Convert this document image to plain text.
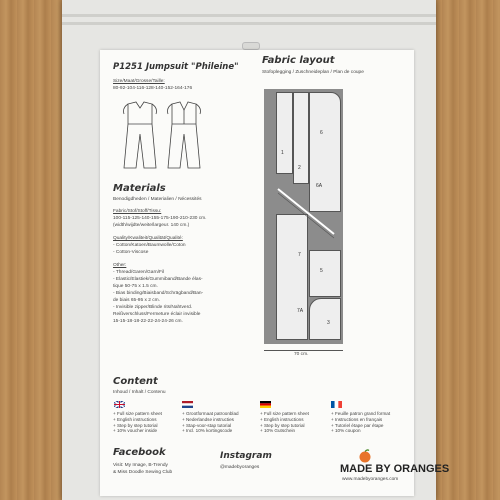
P1251 Jumpsuit "Phileine"
Size/Maat/Grosse/Taille:
80-92-104-116-128-140-152-164-176
Materials
Benodigdheden / Materialien / Nécessités
Fabric/Stof/Stoff/Tissu:
100-115-125-140-155-175-190-210-230 cm.
(width/wijdte/weite/largeur. 140 cm.)
Quality/Kwaliteit/Qualität/Qualité:
- Cotton/Katoen/Baumwolle/Coton
- Cotton-Viscose
Other:
- Thread/Garen/Garn/Fil
- Elastic/Elastiek/Gummiband/Bande élas-
tique 50-75 x 1.5 cm.
- Bias binding/Biaisband/Schrägband/Ban-
de biais 65-95 x 2 cm.
- Invisible zipper/Blinde rits/Nahtverd.
Reißverschluss/Fermeture éclair invisible
15-15-18-18-22-22-24-24-26 cm.
Fabric layout
Stofoplegging / Zuschneideplan / Plan de coupe
1
2
6
6A
7
7A
5
3
70 cm.
Content
Inhoud / Inhalt / Contenu
+ Full size pattern sheet
+ English instructions
+ Step by step tutorial
+ 10% voucher inside
+ Grootformaat patroonblad
+ Nederlandse instructies
+ Stap-voor-stap tutorial
+ Incl. 10% kortingscode
+ Full size pattern sheet
+ English instructions
+ Step by step tutorial
+ 10% Gutschein
+ Feuille patron grand format
+ Instructions en français
+ Tutoriel étape par étape
+ 10% coupon
Facebook
Visit: My Image, B-Trendy
& Miss Doodle Sewing Club
Instagram
@madebyoranges	MADE BY ORANGES
www.madebyoranges.com
